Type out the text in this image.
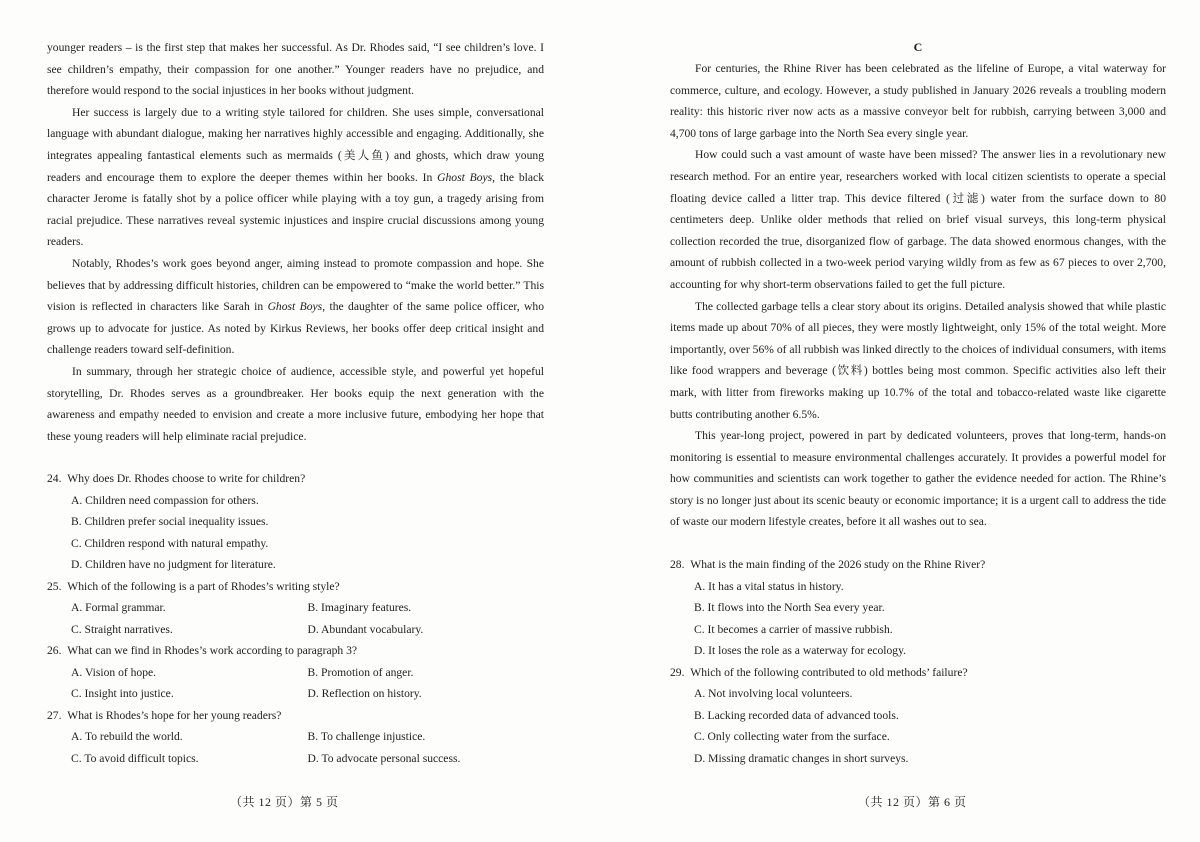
younger readers – is the first step that makes her successful. As Dr. Rhodes said, “I see children’s love. I see children’s empathy, their compassion for one another.” Younger readers have no prejudice, and therefore would respond to the social injustices in her books without judgment.

Her success is largely due to a writing style tailored for children. She uses simple, conversational language with abundant dialogue, making her narratives highly accessible and engaging. Additionally, she integrates appealing fantastical elements such as mermaids (美人鱼) and ghosts, which draw young readers and encourage them to explore the deeper themes within her books. In Ghost Boys, the black character Jerome is fatally shot by a police officer while playing with a toy gun, a tragedy arising from racial prejudice. These narratives reveal systemic injustices and inspire crucial discussions among young readers.

Notably, Rhodes’s work goes beyond anger, aiming instead to promote compassion and hope. She believes that by addressing difficult histories, children can be empowered to “make the world better.” This vision is reflected in characters like Sarah in Ghost Boys, the daughter of the same police officer, who grows up to advocate for justice. As noted by Kirkus Reviews, her books offer deep critical insight and challenge readers toward self-definition.

In summary, through her strategic choice of audience, accessible style, and powerful yet hopeful storytelling, Dr. Rhodes serves as a groundbreaker. Her books equip the next generation with the awareness and empathy needed to envision and create a more inclusive future, embodying her hope that these young readers will help eliminate racial prejudice.

24.  Why does Dr. Rhodes choose to write for children?
A. Children need compassion for others.
B. Children prefer social inequality issues.
C. Children respond with natural empathy.
D. Children have no judgment for literature.
25.  Which of the following is a part of Rhodes’s writing style?
A. Formal grammar.	B. Imaginary features.
C. Straight narratives.	D. Abundant vocabulary.
26.  What can we find in Rhodes’s work according to paragraph 3?
A. Vision of hope.	B. Promotion of anger.
C. Insight into justice.	D. Reflection on history.
27.  What is Rhodes’s hope for her young readers?
A. To rebuild the world.	B. To challenge injustice.
C. To avoid difficult topics.	D. To advocate personal success.
（共 12 页）第 5 页
C

For centuries, the Rhine River has been celebrated as the lifeline of Europe, a vital waterway for commerce, culture, and ecology. However, a study published in January 2026 reveals a troubling modern reality: this historic river now acts as a massive conveyor belt for rubbish, carrying between 3,000 and 4,700 tons of large garbage into the North Sea every single year.

How could such a vast amount of waste have been missed? The answer lies in a revolutionary new research method. For an entire year, researchers worked with local citizen scientists to operate a special floating device called a litter trap. This device filtered (过滤) water from the surface down to 80 centimeters deep. Unlike older methods that relied on brief visual surveys, this long-term physical collection recorded the true, disorganized flow of garbage. The data showed enormous changes, with the amount of rubbish collected in a two-week period varying wildly from as few as 67 pieces to over 2,700, accounting for why short-term observations failed to get the full picture.

The collected garbage tells a clear story about its origins. Detailed analysis showed that while plastic items made up about 70% of all pieces, they were mostly lightweight, only 15% of the total weight. More importantly, over 56% of all rubbish was linked directly to the choices of individual consumers, with items like food wrappers and beverage (饮料) bottles being most common. Specific activities also left their mark, with litter from fireworks making up 10.7% of the total and tobacco-related waste like cigarette butts contributing another 6.5%.

This year-long project, powered in part by dedicated volunteers, proves that long-term, hands-on monitoring is essential to measure environmental challenges accurately. It provides a powerful model for how communities and scientists can work together to gather the evidence needed for action. The Rhine’s story is no longer just about its scenic beauty or economic importance; it is a urgent call to address the tide of waste our modern lifestyle creates, before it all washes out to sea.

28.  What is the main finding of the 2026 study on the Rhine River?
A. It has a vital status in history.
B. It flows into the North Sea every year.
C. It becomes a carrier of massive rubbish.
D. It loses the role as a waterway for ecology.
29.  Which of the following contributed to old methods’ failure?
A. Not involving local volunteers.
B. Lacking recorded data of advanced tools.
C. Only collecting water from the surface.
D. Missing dramatic changes in short surveys.
（共 12 页）第 6 页
